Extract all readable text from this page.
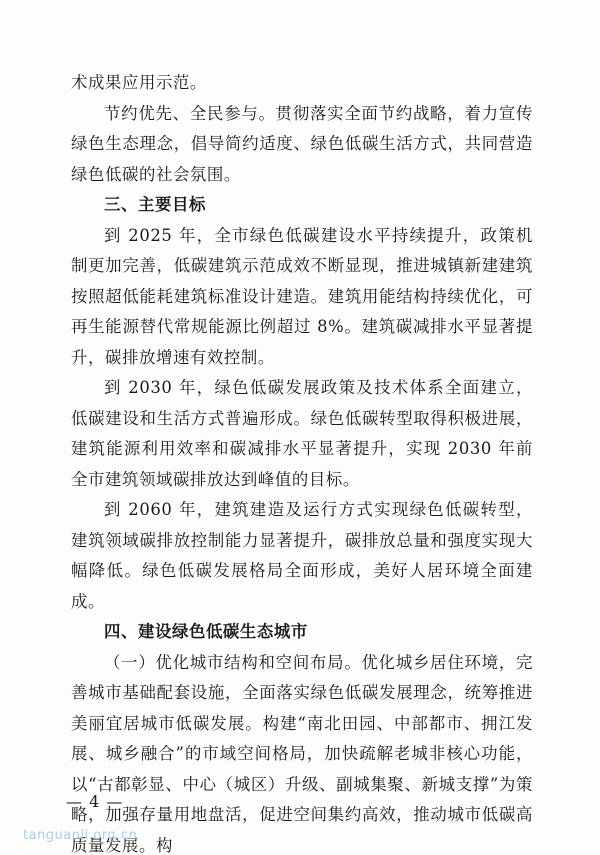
术成果应用示范。

节约优先、全民参与。贯彻落实全面节约战略，着力宣传绿色生态理念，倡导简约适度、绿色低碳生活方式，共同营造绿色低碳的社会氛围。

三、主要目标

到 2025 年，全市绿色低碳建设水平持续提升，政策机制更加完善，低碳建筑示范成效不断显现，推进城镇新建建筑按照超低能耗建筑标准设计建造。建筑用能结构持续优化，可再生能源替代常规能源比例超过 8%。建筑碳减排水平显著提升，碳排放增速有效控制。

到 2030 年，绿色低碳发展政策及技术体系全面建立，低碳建设和生活方式普遍形成。绿色低碳转型取得积极进展，建筑能源利用效率和碳减排水平显著提升，实现 2030 年前全市建筑领域碳排放达到峰值的目标。

到 2060 年，建筑建造及运行方式实现绿色低碳转型，建筑领域碳排放控制能力显著提升，碳排放总量和强度实现大幅降低。绿色低碳发展格局全面形成，美好人居环境全面建成。

四、建设绿色低碳生态城市

（一）优化城市结构和空间布局。优化城乡居住环境，完善城市基础配套设施，全面落实绿色低碳发展理念，统筹推进美丽宜居城市低碳发展。构建“南北田园、中部都市、拥江发展、城乡融合”的市域空间格局，加快疏解老城非核心功能，以“古都彰显、中心（城区）升级、副城集聚、新城支撑”为策略，加强存量用地盘活，促进空间集约高效，推动城市低碳高质量发展。构

— 4 —
tanguanli.org.cn
